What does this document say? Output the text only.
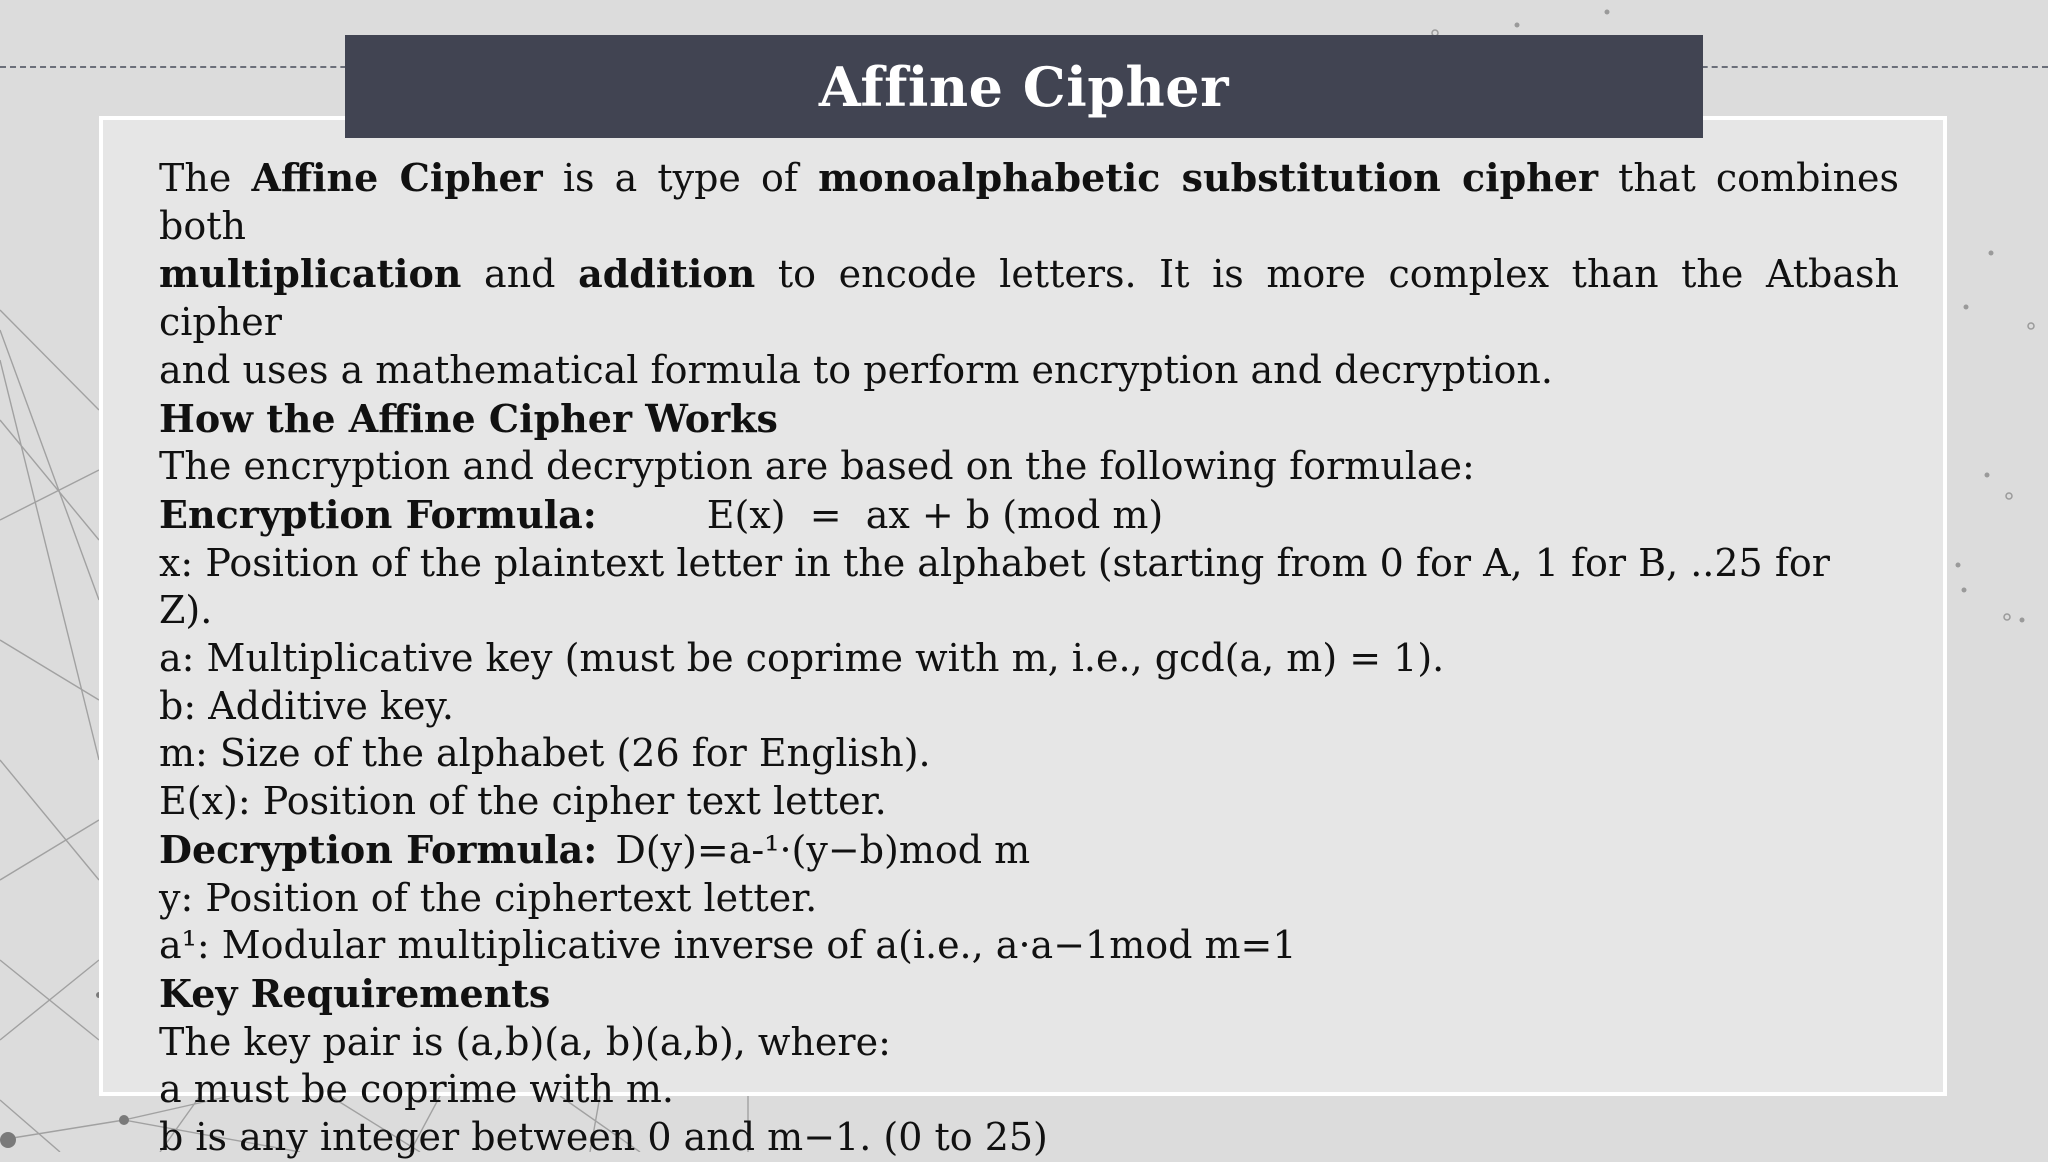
Affine Cipher
The Affine Cipher is a type of monoalphabetic substitution cipher that combines both
multiplication and addition to encode letters. It is more complex than the Atbash cipher
and uses a mathematical formula to perform encryption and decryption.
How the Affine Cipher Works
The encryption and decryption are based on the following formulae:
Encryption Formula:	E(x)  =  ax + b (mod m)
x: Position of the plaintext letter in the alphabet (starting from 0 for A, 1 for B, ..25 for
Z).
a: Multiplicative key (must be coprime with m, i.e., gcd(a, m) = 1).
b: Additive key.
m: Size of the alphabet (26 for English).
E(x): Position of the cipher text letter.
Decryption Formula: D(y)=a-¹·(y−b)mod m
y: Position of the ciphertext letter.
a¹: Modular multiplicative inverse of a(i.e., a·a−1mod m=1
Key Requirements
The key pair is (a,b)(a, b)(a,b), where:
a must be coprime with m.
b is any integer between 0 and m−1. (0 to 25)
